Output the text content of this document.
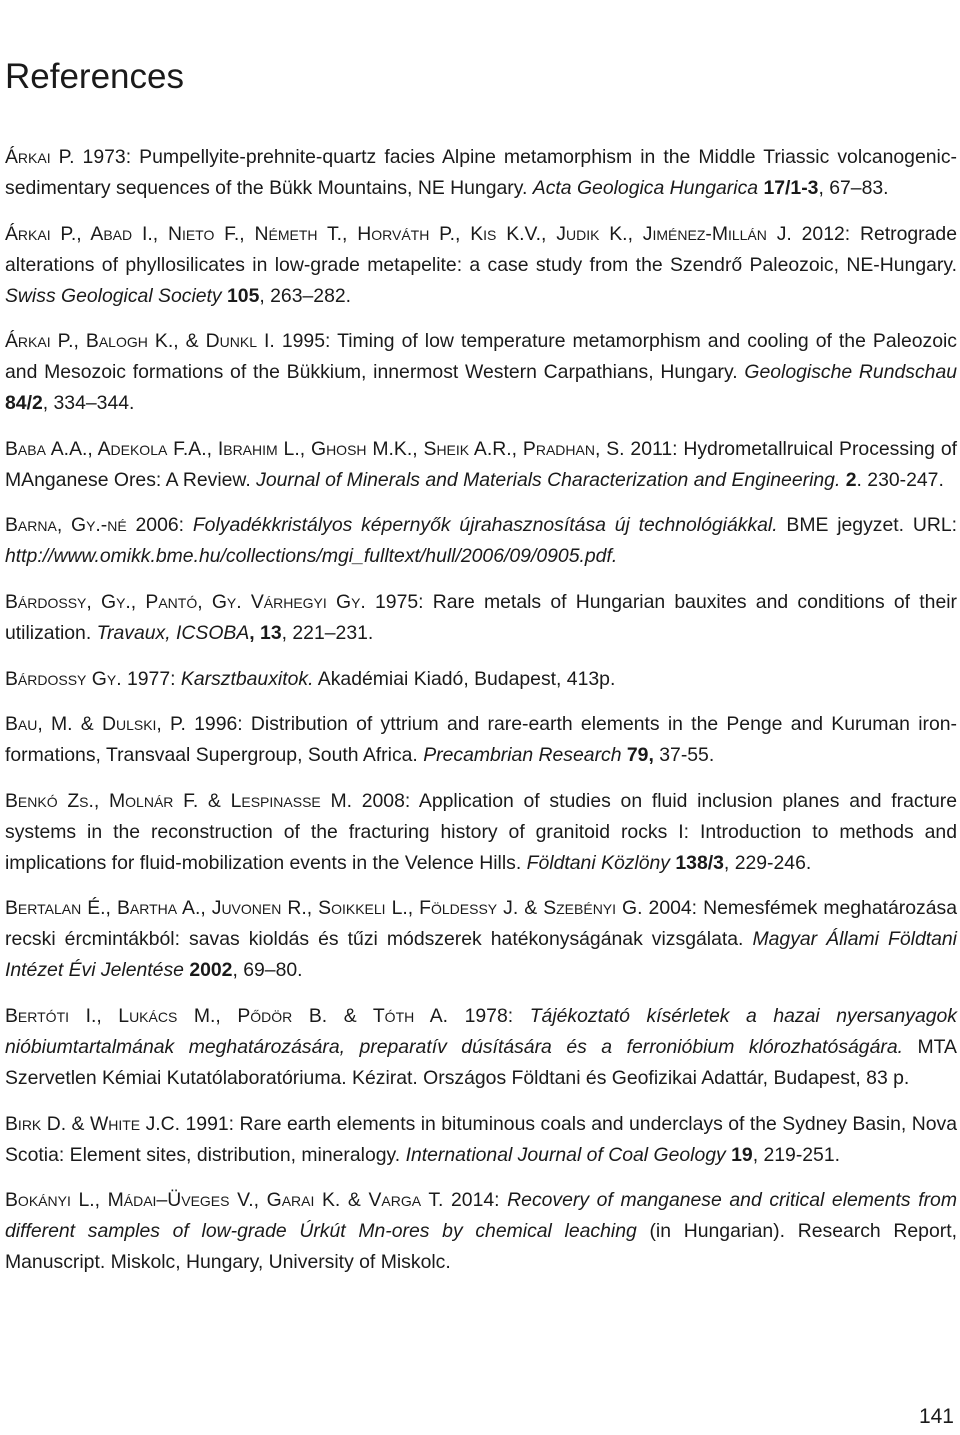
References

Árkai P. 1973: Pumpellyite-prehnite-quartz facies Alpine metamorphism in the Middle Triassic volcanogenic-sedimentary sequences of the Bükk Mountains, NE Hungary. Acta Geologica Hungarica 17/1-3, 67–83.

Árkai P., Abad I., Nieto F., Németh T., Horváth P., Kis K.V., Judik K., Jiménez-Millán J. 2012: Retrograde alterations of phyllosilicates in low-grade metapelite: a case study from the Szendrő Paleozoic, NE-Hungary. Swiss Geological Society 105, 263–282.

Árkai P., Balogh K., & Dunkl I. 1995: Timing of low temperature metamorphism and cooling of the Paleozoic and Mesozoic formations of the Bükkium, innermost Western Carpathians, Hungary. Geologische Rundschau 84/2, 334–344.

Baba A.A., Adekola F.A., Ibrahim L., Ghosh M.K., Sheik A.R., Pradhan, S. 2011: Hydrometallruical Processing of MAnganese Ores: A Review. Journal of Minerals and Materials Characterization and Engineering. 2. 230-247.

Barna, Gy.-né 2006: Folyadékkristályos képernyők újrahasznosítása új technológiákkal. BME jegyzet. URL: http://www.omikk.bme.hu/collections/mgi_fulltext/hull/2006/09/0905.pdf.

Bárdossy, Gy., Pantó, Gy. Várhegyi Gy. 1975: Rare metals of Hungarian bauxites and conditions of their utilization. Travaux, ICSOBA, 13, 221–231.

Bárdossy Gy. 1977: Karsztbauxitok. Akadémiai Kiadó, Budapest, 413p.

Bau, M. & Dulski, P. 1996: Distribution of yttrium and rare-earth elements in the Penge and Kuruman iron-formations, Transvaal Supergroup, South Africa. Precambrian Research 79, 37-55.

Benkó Zs., Molnár F. & Lespinasse M. 2008: Application of studies on fluid inclusion planes and fracture systems in the reconstruction of the fracturing history of granitoid rocks I: Introduction to methods and implications for fluid-mobilization events in the Velence Hills. Földtani Közlöny 138/3, 229-246.

Bertalan É., Bartha A., Juvonen R., Soikkeli L., Földessy J. & Szebényi G. 2004: Nemesfémek meghatározása recski ércmintákból: savas kioldás és tűzi módszerek hatékonyságának vizsgálata. Magyar Állami Földtani Intézet Évi Jelentése 2002, 69–80.

Bertóti I., Lukács M., Pődör B. & Tóth A. 1978: Tájékoztató kísérletek a hazai nyersanyagok nióbiumtartalmának meghatározására, preparatív dúsítására és a ferronióbium klórozhatóságára. MTA Szervetlen Kémiai Kutatólaboratóriuma. Kézirat. Országos Földtani és Geofizikai Adattár, Budapest, 83 p.

Birk D. & White J.C. 1991: Rare earth elements in bituminous coals and underclays of the Sydney Basin, Nova Scotia: Element sites, distribution, mineralogy. International Journal of Coal Geology 19, 219-251.

Bokányi L., Mádai–Üveges V., Garai K. & Varga T. 2014: Recovery of manganese and critical elements from different samples of low-grade Úrkút Mn-ores by chemical leaching (in Hungarian). Research Report, Manuscript. Miskolc, Hungary, University of Miskolc.

141
